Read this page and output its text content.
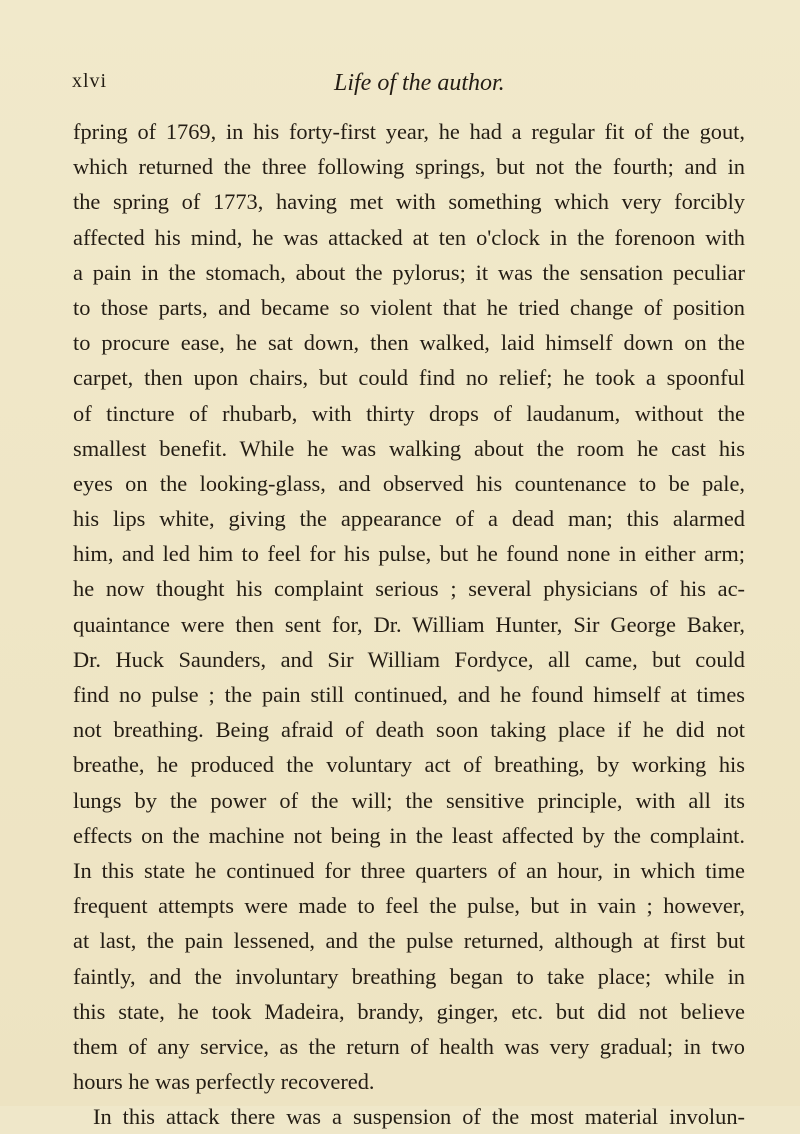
xlvi	Life of the author.
fpring of 1769, in his forty-first year, he had a regular fit of the gout,
which returned the three following springs, but not the fourth; and in
the spring of 1773, having met with something which very forcibly
affected his mind, he was attacked at ten o'clock in the forenoon with
a pain in the stomach, about the pylorus; it was the sensation peculiar
to those parts, and became so violent that he tried change of position
to procure ease, he sat down, then walked, laid himself down on the
carpet, then upon chairs, but could find no relief; he took a spoonful
of tincture of rhubarb, with thirty drops of laudanum, without the
smallest benefit. While he was walking about the room he cast his
eyes on the looking-glass, and observed his countenance to be pale,
his lips white, giving the appearance of a dead man; this alarmed
him, and led him to feel for his pulse, but he found none in either arm;
he now thought his complaint serious ; several physicians of his ac-
quaintance were then sent for, Dr. William Hunter, Sir George Baker,
Dr. Huck Saunders, and Sir William Fordyce, all came, but could
find no pulse ; the pain still continued, and he found himself at times
not breathing. Being afraid of death soon taking place if he did not
breathe, he produced the voluntary act of breathing, by working his
lungs by the power of the will; the sensitive principle, with all its
effects on the machine not being in the least affected by the complaint.
In this state he continued for three quarters of an hour, in which time
frequent attempts were made to feel the pulse, but in vain ; however,
at last, the pain lessened, and the pulse returned, although at first but
faintly, and the involuntary breathing began to take place; while in
this state, he took Madeira, brandy, ginger, etc. but did not believe
them of any service, as the return of health was very gradual; in two
hours he was perfectly recovered.
In this attack there was a suspension of the most material involun-
